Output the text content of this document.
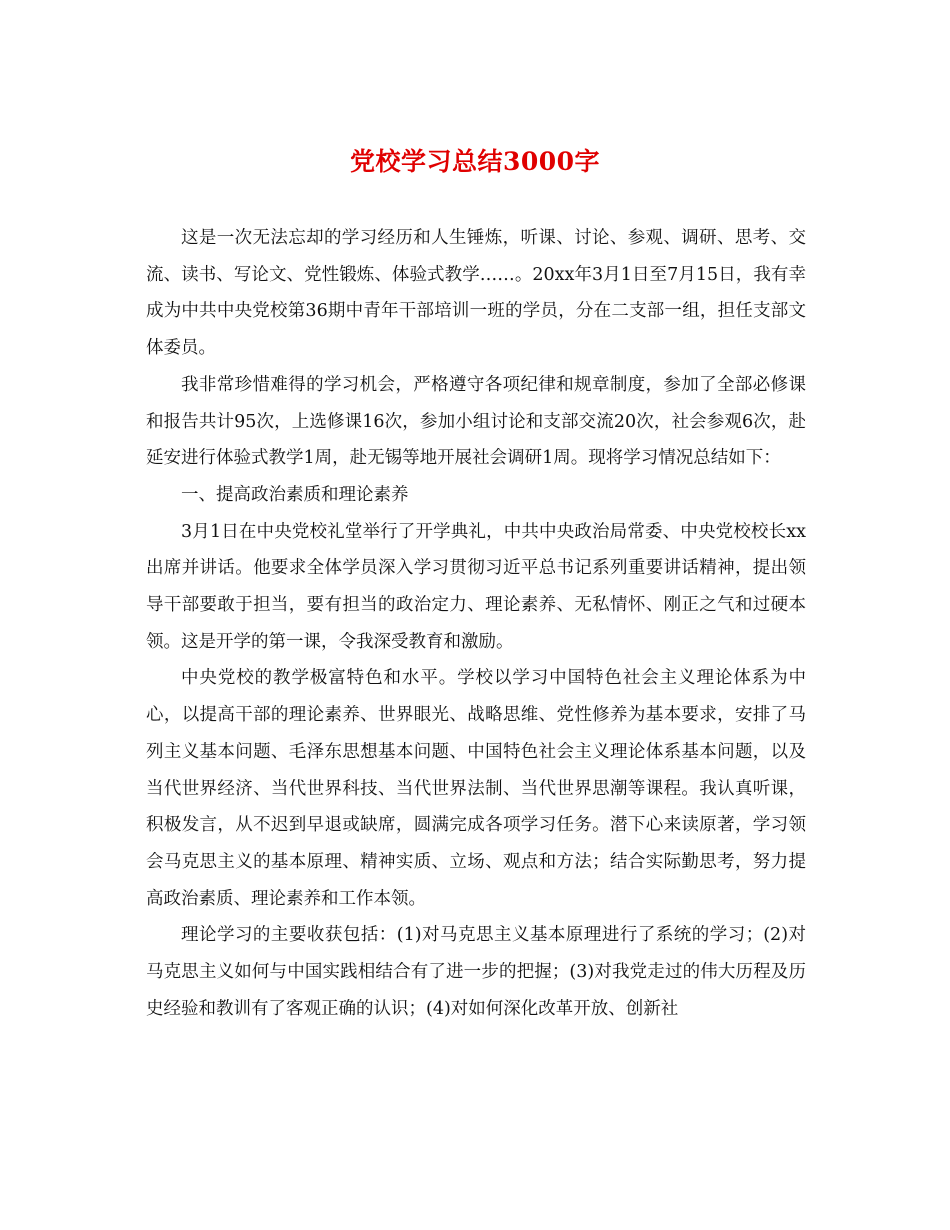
党校学习总结3000字

这是一次无法忘却的学习经历和人生锤炼，听课、讨论、参观、调研、思考、交流、读书、写论文、党性锻炼、体验式教学……。20xx年3月1日至7月15日，我有幸成为中共中央党校第36期中青年干部培训一班的学员，分在二支部一组，担任支部文体委员。

我非常珍惜难得的学习机会，严格遵守各项纪律和规章制度，参加了全部必修课和报告共计95次，上选修课16次，参加小组讨论和支部交流20次，社会参观6次，赴延安进行体验式教学1周，赴无锡等地开展社会调研1周。现将学习情况总结如下：

一、提高政治素质和理论素养

3月1日在中央党校礼堂举行了开学典礼，中共中央政治局常委、中央党校校长xx出席并讲话。他要求全体学员深入学习贯彻习近平总书记系列重要讲话精神，提出领导干部要敢于担当，要有担当的政治定力、理论素养、无私情怀、刚正之气和过硬本领。这是开学的第一课，令我深受教育和激励。

中央党校的教学极富特色和水平。学校以学习中国特色社会主义理论体系为中心，以提高干部的理论素养、世界眼光、战略思维、党性修养为基本要求，安排了马列主义基本问题、毛泽东思想基本问题、中国特色社会主义理论体系基本问题，以及当代世界经济、当代世界科技、当代世界法制、当代世界思潮等课程。我认真听课，积极发言，从不迟到早退或缺席，圆满完成各项学习任务。潜下心来读原著，学习领会马克思主义的基本原理、精神实质、立场、观点和方法；结合实际勤思考，努力提高政治素质、理论素养和工作本领。

理论学习的主要收获包括：(1)对马克思主义基本原理进行了系统的学习；(2)对马克思主义如何与中国实践相结合有了进一步的把握；(3)对我党走过的伟大历程及历史经验和教训有了客观正确的认识；(4)对如何深化改革开放、创新社
